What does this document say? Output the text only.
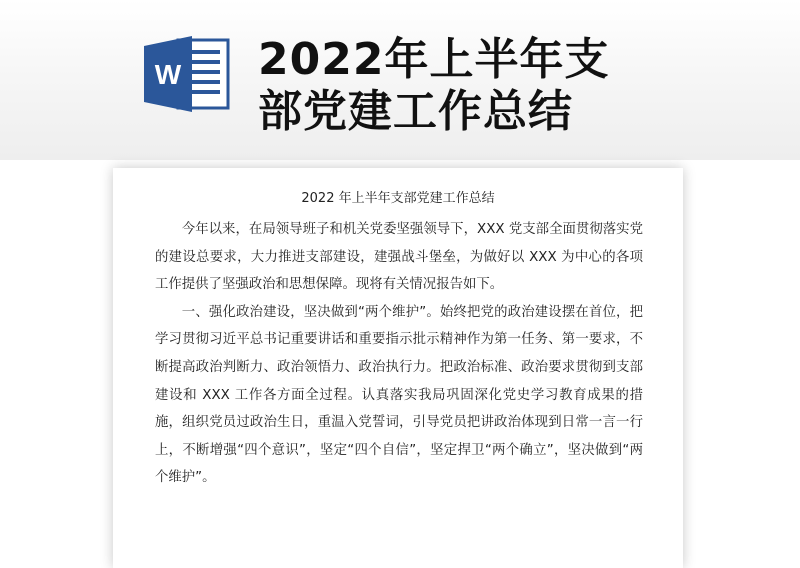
W 2022年上半年支
部党建工作总结
2022 年上半年支部党建工作总结

今年以来，在局领导班子和机关党委坚强领导下，XXX 党支部全面贯彻落实党的建设总要求，大力推进支部建设，建强战斗堡垒，为做好以 XXX 为中心的各项工作提供了坚强政治和思想保障。现将有关情况报告如下。

一、强化政治建设，坚决做到“两个维护”。始终把党的政治建设摆在首位，把学习贯彻习近平总书记重要讲话和重要指示批示精神作为第一任务、第一要求，不断提高政治判断力、政治领悟力、政治执行力。把政治标准、政治要求贯彻到支部建设和 XXX 工作各方面全过程。认真落实我局巩固深化党史学习教育成果的措施，组织党员过政治生日，重温入党誓词，引导党员把讲政治体现到日常一言一行上，不断增强“四个意识”，坚定“四个自信”，坚定捍卫“两个确立”，坚决做到“两个维护”。
